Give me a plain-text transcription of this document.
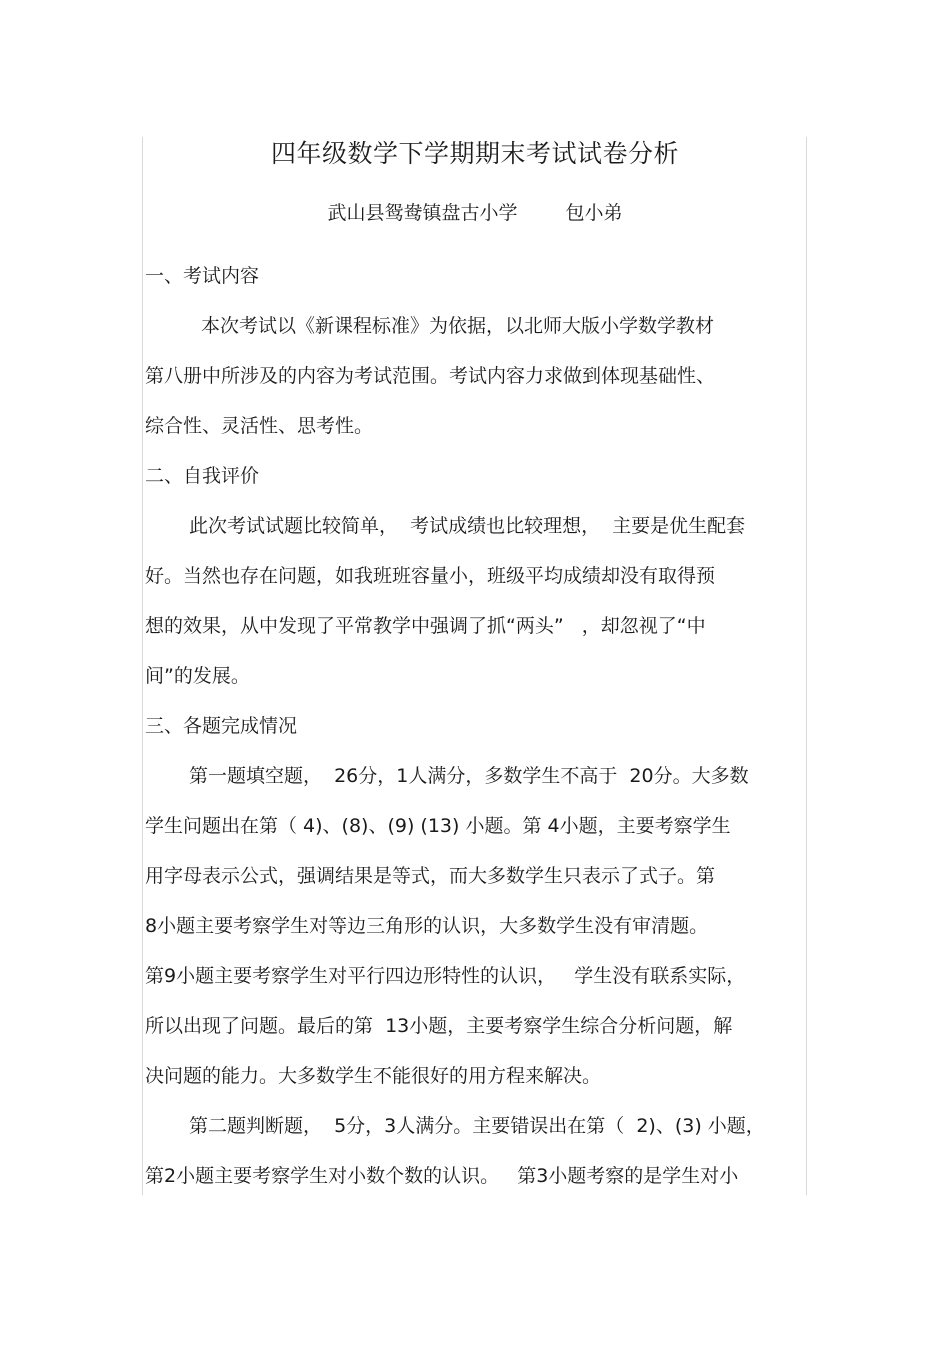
四年级数学下学期期末考试试卷分析
武山县鸳鸯镇盘古小学	包小弟
一、考试内容
本次考试以《新课程标准》为依据，以北师大版小学数学教材
第八册中所涉及的内容为考试范围。考试内容力求做到体现基础性、
综合性、灵活性、思考性。
二、自我评价
此次考试试题比较简单，  考试成绩也比较理想，  主要是优生配套
好。当然也存在问题，如我班班容量小，班级平均成绩却没有取得预
想的效果，从中发现了平常教学中强调了抓“两头”   ，却忽视了“中
间”的发展。
三、各题完成情况
第一题填空题，  26分，1人满分，多数学生不高于  20分。大多数
学生问题出在第（ 4)、(8)、(9) (13) 小题。第 4小题，主要考察学生
用字母表示公式，强调结果是等式，而大多数学生只表示了式子。第
8小题主要考察学生对等边三角形的认识，大多数学生没有审清题。
第9小题主要考察学生对平行四边形特性的认识，   学生没有联系实际，
所以出现了问题。最后的第  13小题，主要考察学生综合分析问题，解
决问题的能力。大多数学生不能很好的用方程来解决。
第二题判断题，  5分，3人满分。主要错误出在第（  2)、(3) 小题，
第2小题主要考察学生对小数个数的认识。   第3小题考察的是学生对小
